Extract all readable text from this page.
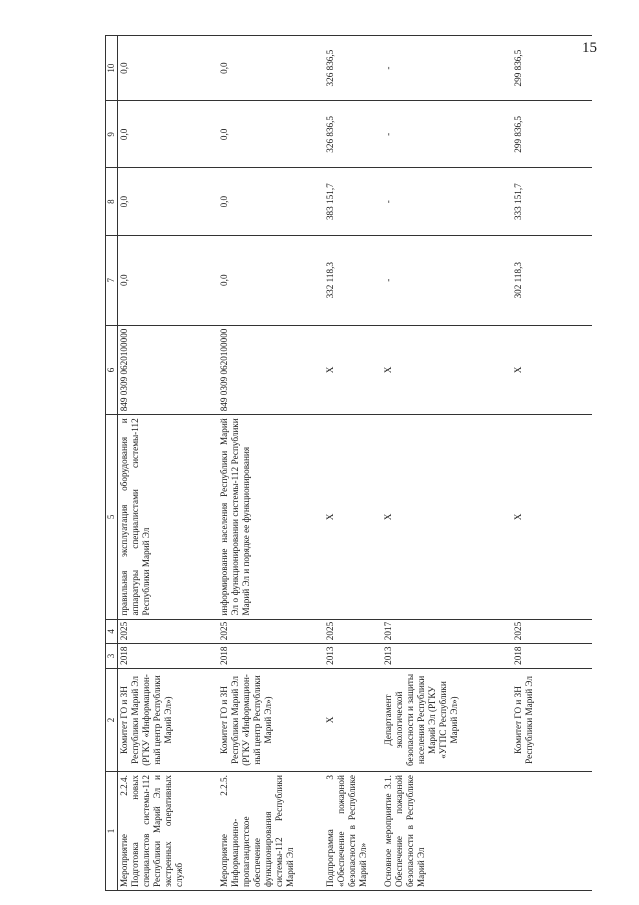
15
1	2	3	4	5	6	7	8	9	10
Мероприятие 2.2.4. Подготовка новых специалистов системы-112 Республики Марий Эл и экстренных оперативных служб	Комитет ГО и ЗН Республики Марий Эл (РГКУ «Информацион-ный центр Республики Марий Эл»)	2018	2025	правильная эксплуатация оборудования и аппаратуры специалистами системы-112 Республики Марий Эл	849 0309 0620100000	0,0	0,0	0,0	0,0
Мероприятие 2.2.5. Информационно-пропагандистское обеспечение функционирования системы-112 Республики Марий Эл	Комитет ГО и ЗН Республики Марий Эл (РГКУ «Информацион-ный центр Республики Марий Эл»)	2018	2025	информирование населения Республики Марий Эл о функционировании системы-112 Республики Марий Эл и порядке ее функционирования	849 0309 0620100000	0,0	0,0	0,0	0,0
Подпрограмма 3 «Обеспечение пожарной безопасности в Республике Марий Эл»	X	2013	2025	X	X	332 118,3	383 151,7	326 836,5	326 836,5
Основное мероприятие 3.1. Обеспечение пожарной безопасности в Республике Марий Эл	Департамент экологической безопасности и защиты населения Республики Марий Эл (РГКУ «УГПС Республики Марий Эл»)	2013	2017	X	X	-	-	-	-
	Комитет ГО и ЗН Республики Марий Эл	2018	2025	X	X	302 118,3	333 151,7	299 836,5	299 836,5
